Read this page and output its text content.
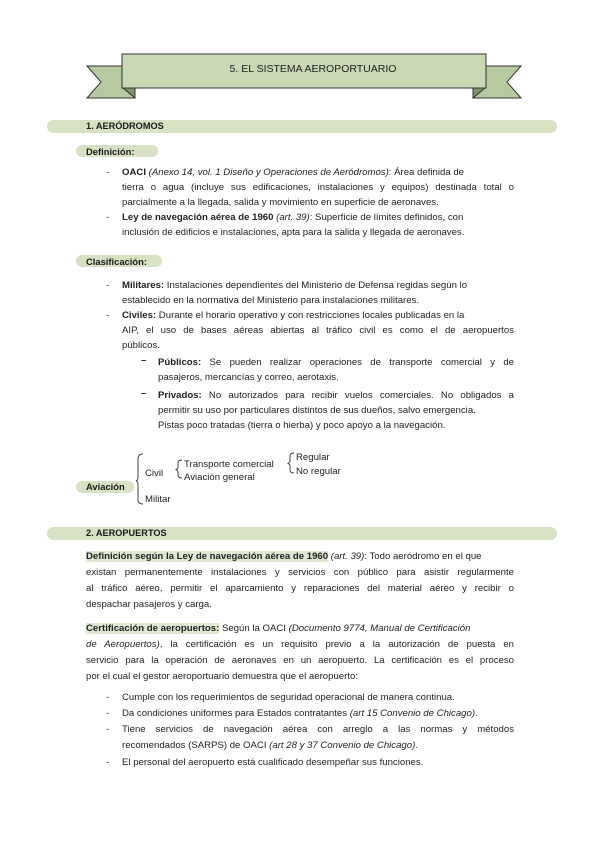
5. EL SISTEMA AEROPORTUARIO
1. AERÓDROMOS
Definición:
- OACI (Anexo 14, vol. 1 Diseño y Operaciones de Aeródromos): Área definida de
tierra o agua (incluye sus edificaciones, instalaciones y equipos) destinada total o
parcialmente a la llegada, salida y movimiento en superficie de aeronaves.
- Ley de navegación aérea de 1960 (art. 39): Superficie de límites definidos, con
inclusión de edificios e instalaciones, apta para la salida y llegada de aeronaves.
Clasificación:
- Militares: Instalaciones dependientes del Ministerio de Defensa regidas según lo
establecido en la normativa del Ministerio para instalaciones militares.
- Civiles: Durante el horario operativo y con restricciones locales publicadas en la
AIP, el uso de bases aéreas abiertas al tráfico civil es como el de aeropuertos
públicos.
– Públicos: Se pueden realizar operaciones de transporte comercial y de
pasajeros, mercancías y correo, aerotaxis.
– Privados: No autorizados para recibir vuelos comerciales. No obligados a
permitir su uso por particulares distintos de sus dueños, salvo emergencia.
Pistas poco tratadas (tierra o hierba) y poco apoyo a la navegación.
Aviación
Civil
Militar
Transporte comercial
Aviación general
Regular
No regular
2. AEROPUERTOS
Definición según la Ley de navegación aérea de 1960 (art. 39): Todo aeródromo en el que
existan permanentemente instalaciones y servicios con público para asistir regularmente
al tráfico aéreo, permitir el aparcamiento y reparaciones del material aéreo y recibir o
despachar pasajeros y carga.
Certificación de aeropuertos: Según la OACI (Documento 9774, Manual de Certificación
de Aeropuertos), la certificación es un requisito previo a la autorización de puesta en
servicio para la operación de aeronaves en un aeropuerto. La certificación es el proceso
por el cual el gestor aeroportuario demuestra que el aeropuerto:
- Cumple con los requerimientos de seguridad operacional de manera continua.
- Da condiciones uniformes para Estados contratantes (art 15 Convenio de Chicago).
- Tiene servicios de navegación aérea con arreglo a las normas y métodos
recomendados (SARPS) de OACI (art 28 y 37 Convenio de Chicago).
- El personal del aeropuerto está cualificado desempeñar sus funciones.
